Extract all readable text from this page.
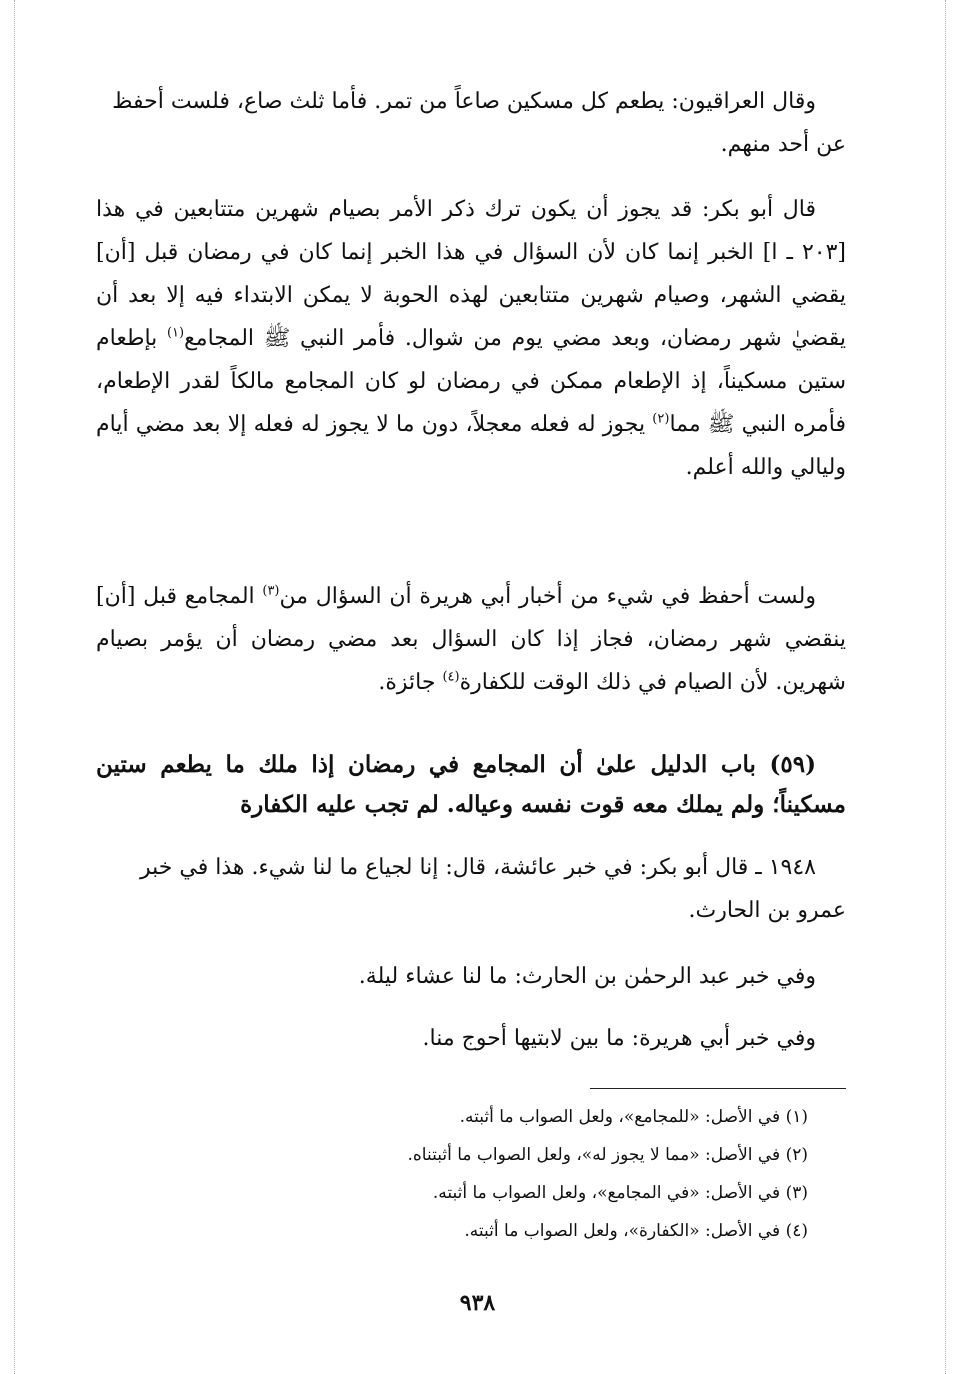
وقال العراقيون: يطعم كل مسكين صاعاً من تمر. فأما ثلث صاع، فلست أحفظ عن أحد منهم.

قال أبو بكر: قد يجوز أن يكون ترك ذكر الأمر بصيام شهرين متتابعين في هذا [٢٠٣ ـ ا] الخبر إنما كان لأن السؤال في هذا الخبر إنما كان في رمضان قبل [أن] يقضي الشهر، وصيام شهرين متتابعين لهذه الحوبة لا يمكن الابتداء فيه إلا بعد أن يقضيٰ شهر رمضان، وبعد مضي يوم من شوال. فأمر النبي ﷺ المجامع$^{(١)}$ بإطعام ستين مسكيناً، إذ الإطعام ممكن في رمضان لو كان المجامع مالكاً لقدر الإطعام، فأمره النبي ﷺ مما$^{(٢)}$ يجوز له فعله معجلاً، دون ما لا يجوز له فعله إلا بعد مضي أيام وليالي والله أعلم.

ولست أحفظ في شيء من أخبار أبي هريرة أن السؤال من$^{(٣)}$ المجامع قبل [أن] ينقضي شهر رمضان، فجاز إذا كان السؤال بعد مضي رمضان أن يؤمر بصيام شهرين. لأن الصيام في ذلك الوقت للكفارة$^{(٤)}$ جائزة.

(٥٩) باب الدليل علىٰ أن المجامع في رمضان إذا ملك ما يطعم ستين مسكيناً؛ ولم يملك معه قوت نفسه وعياله. لم تجب عليه الكفارة

١٩٤٨ ـ قال أبو بكر: في خبر عائشة، قال: إنا لجياع ما لنا شيء. هذا في خبر عمرو بن الحارث.

وفي خبر عبد الرحمٰن بن الحارث: ما لنا عشاء ليلة.

وفي خبر أبي هريرة: ما بين لابتيها أحوج منا.

(١) في الأصل: «للمجامع»، ولعل الصواب ما أثبته.

(٢) في الأصل: «مما لا يجوز له»، ولعل الصواب ما أثبتناه.

(٣) في الأصل: «في المجامع»، ولعل الصواب ما أثبته.

(٤) في الأصل: «الكفارة»، ولعل الصواب ما أثبته.

٩٣٨
